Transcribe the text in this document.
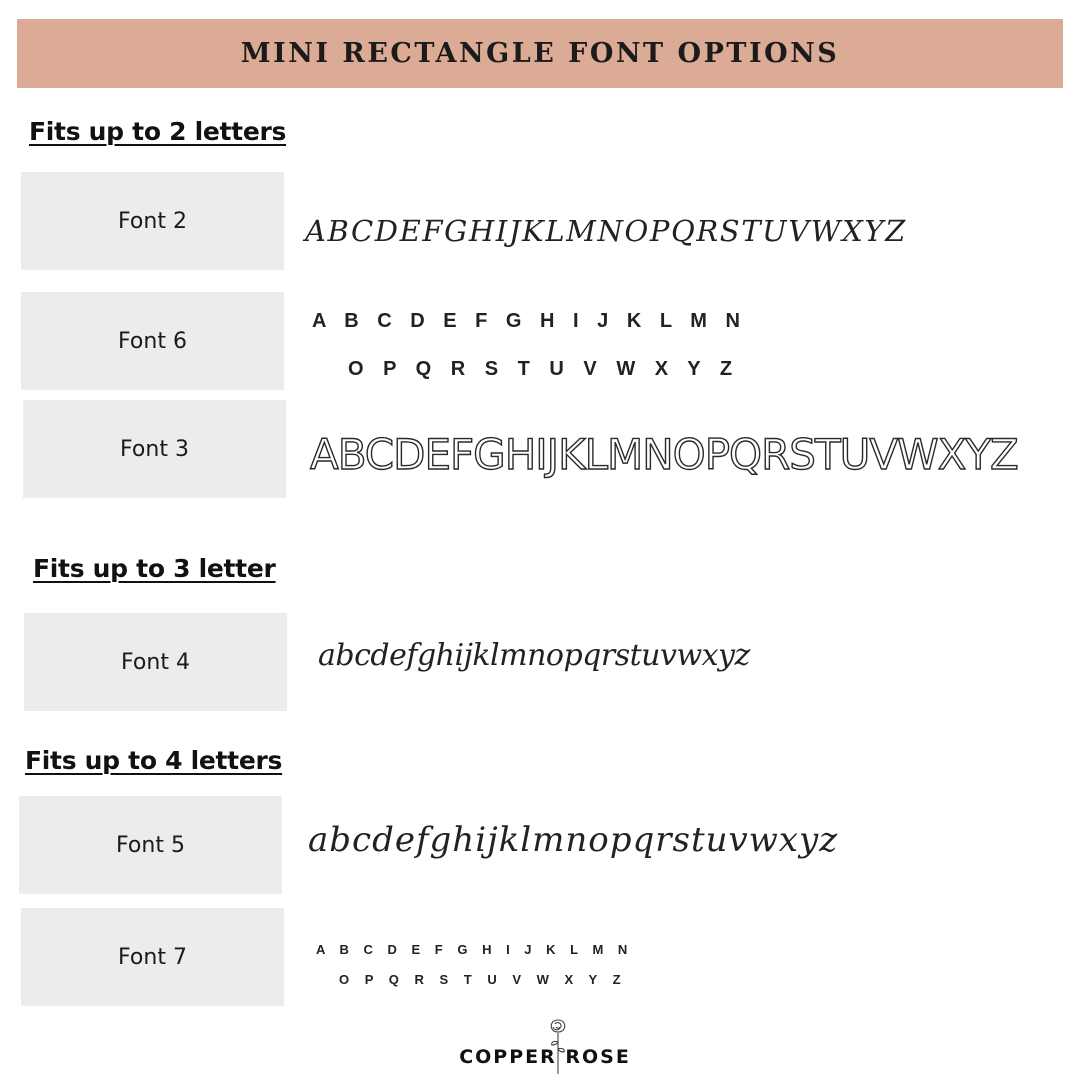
MINI RECTANGLE FONT OPTIONS
Fits up to 2 letters
Font 2	ABCDEFGHIJKLMNOPQRSTUVWXYZ
Font 6
A B C D E F G H I J K L M N
O P Q R S T U V W X Y Z
Font 3	ABCDEFGHIJKLMNOPQRSTUVWXYZ
Fits up to 3 letter
Font 4	abcdefghijklmnopqrstuvwxyz
Fits up to 4 letters
Font 5	abcdefghijklmnopqrstuvwxyz
Font 7	A B C D E F G H I J K L M N
O P Q R S T U V W X Y Z
COPPER ROSE
